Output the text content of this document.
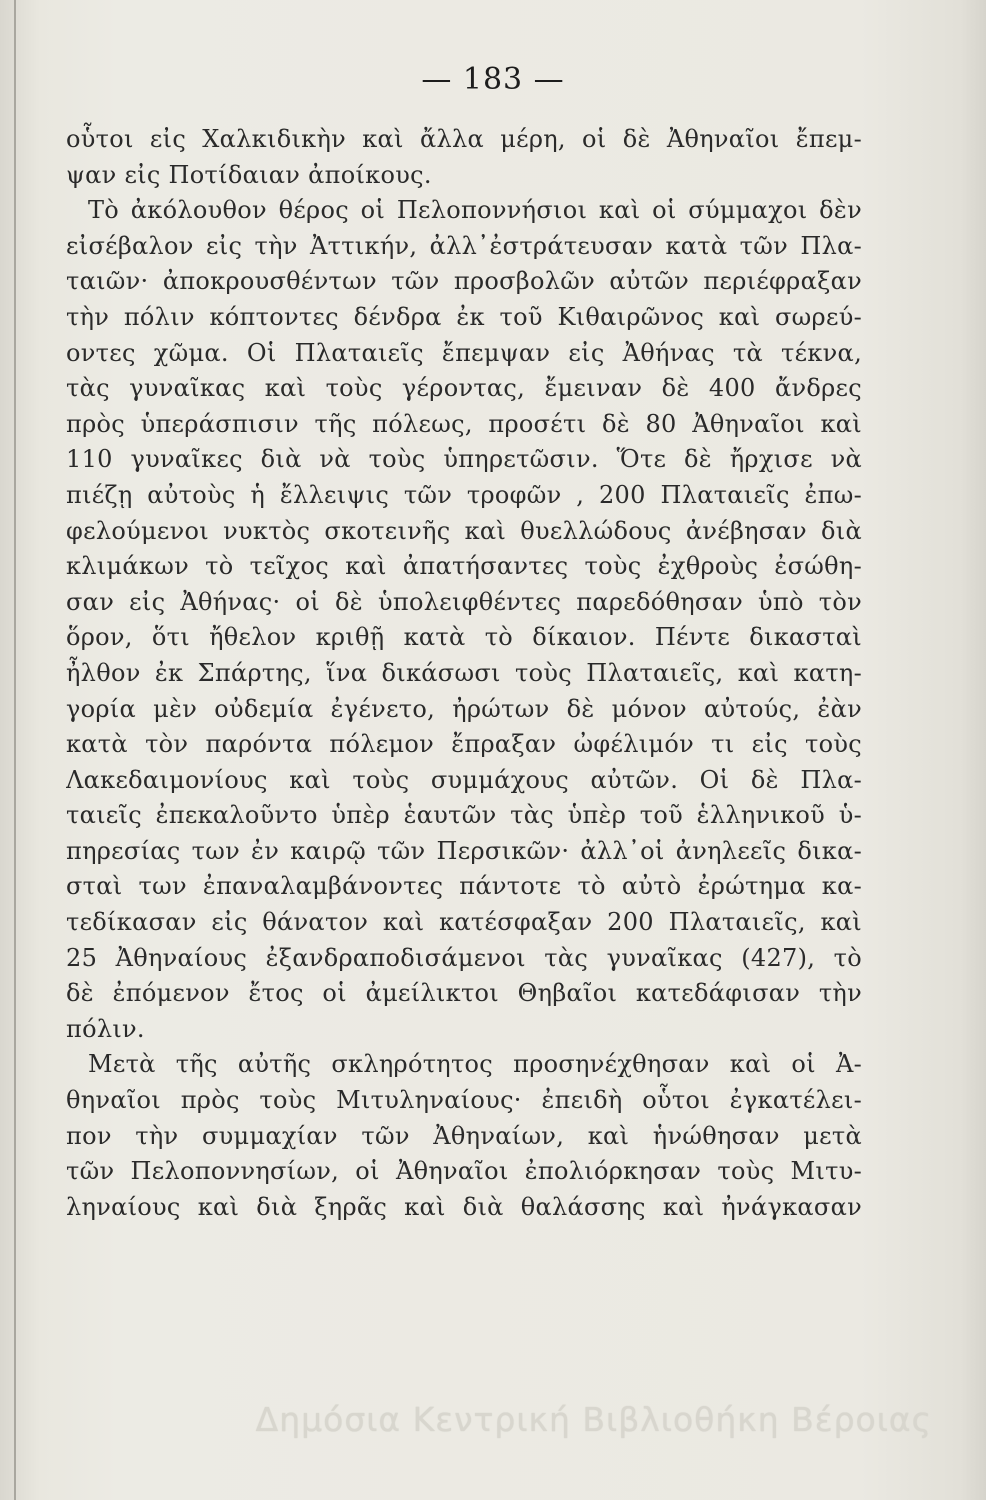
— 183 —
οὗτοι εἰς Χαλκιδικὴν καὶ ἄλλα μέρη, οἱ δὲ Ἀθηναῖοι ἔπεμ-
ψαν εἰς Ποτίδαιαν ἀποίκους.
Τὸ ἀκόλουθον θέρος οἱ Πελοποννήσιοι καὶ οἱ σύμμαχοι δὲν
εἰσέβαλον εἰς τὴν Ἀττικήν, ἀλλ᾽ἐστράτευσαν κατὰ τῶν Πλα-
ταιῶν· ἀποκρουσθέντων τῶν προσβολῶν αὐτῶν περιέφραξαν
τὴν πόλιν κόπτοντες δένδρα ἐκ τοῦ Κιθαιρῶνος καὶ σωρεύ-
οντες χῶμα. Οἱ Πλαταιεῖς ἔπεμψαν εἰς Ἀθήνας τὰ τέκνα,
τὰς γυναῖκας καὶ τοὺς γέροντας, ἔμειναν δὲ 400 ἄνδρες
πρὸς ὑπεράσπισιν τῆς πόλεως, προσέτι δὲ 80 Ἀθηναῖοι καὶ
110 γυναῖκες διὰ νὰ τοὺς ὑπηρετῶσιν. Ὅτε δὲ ἤρχισε νὰ
πιέζῃ αὐτοὺς ἡ ἔλλειψις τῶν τροφῶν , 200 Πλαταιεῖς ἐπω-
φελούμενοι νυκτὸς σκοτεινῆς καὶ θυελλώδους ἀνέβησαν διὰ
κλιμάκων τὸ τεῖχος καὶ ἀπατήσαντες τοὺς ἐχθροὺς ἐσώθη-
σαν εἰς Ἀθήνας· οἱ δὲ ὑπολειφθέντες παρεδόθησαν ὑπὸ τὸν
ὅρον, ὅτι ἤθελον κριθῇ κατὰ τὸ δίκαιον. Πέντε δικασταὶ
ἦλθον ἐκ Σπάρτης, ἵνα δικάσωσι τοὺς Πλαταιεῖς, καὶ κατη-
γορία μὲν οὐδεμία ἐγένετο, ἠρώτων δὲ μόνον αὐτούς, ἐὰν
κατὰ τὸν παρόντα πόλεμον ἔπραξαν ὠφέλιμόν τι εἰς τοὺς
Λακεδαιμονίους καὶ τοὺς συμμάχους αὐτῶν. Οἱ δὲ Πλα-
ταιεῖς ἐπεκαλοῦντο ὑπὲρ ἑαυτῶν τὰς ὑπὲρ τοῦ ἑλληνικοῦ ὑ-
πηρεσίας των ἐν καιρῷ τῶν Περσικῶν· ἀλλ᾽οἱ ἀνηλεεῖς δικα-
σταὶ των ἐπαναλαμβάνοντες πάντοτε τὸ αὐτὸ ἐρώτημα κα-
τεδίκασαν εἰς θάνατον καὶ κατέσφαξαν 200 Πλαταιεῖς, καὶ
25 Ἀθηναίους ἐξανδραποδισάμενοι τὰς γυναῖκας (427), τὸ
δὲ ἐπόμενον ἔτος οἱ ἀμείλικτοι Θηβαῖοι κατεδάφισαν τὴν
πόλιν.
Μετὰ τῆς αὐτῆς σκληρότητος προσηνέχθησαν καὶ οἱ Ἀ-
θηναῖοι πρὸς τοὺς Μιτυληναίους· ἐπειδὴ οὗτοι ἐγκατέλει-
πον τὴν συμμαχίαν τῶν Ἀθηναίων, καὶ ἡνώθησαν μετὰ
τῶν Πελοποννησίων, οἱ Ἀθηναῖοι ἐπολιόρκησαν τοὺς Μιτυ-
ληναίους καὶ διὰ ξηρᾶς καὶ διὰ θαλάσσης καὶ ἠνάγκασαν
Δημόσια Κεντρική Βιβλιοθήκη Βέροιας
